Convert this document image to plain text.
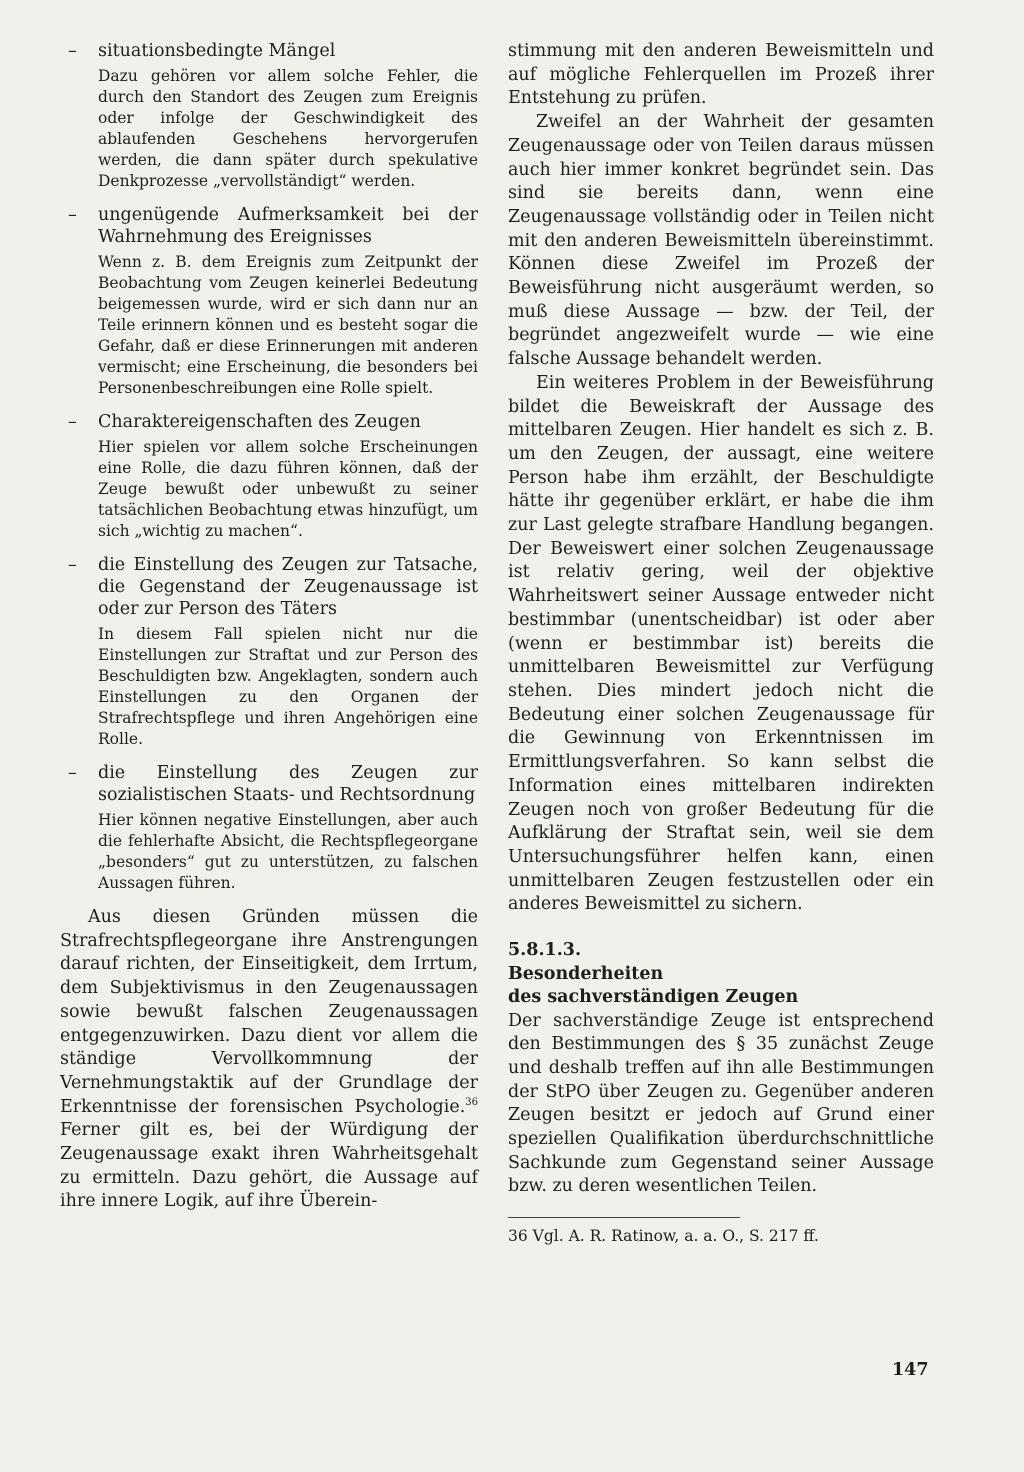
– situationsbedingte Mängel
Dazu gehören vor allem solche Fehler, die durch den Standort des Zeugen zum Ereignis oder infolge der Geschwindigkeit des ablaufenden Geschehens hervorgerufen werden, die dann später durch spekulative Denkprozesse „vervollständigt“ werden.
– ungenügende Aufmerksamkeit bei der Wahrnehmung des Ereignisses
Wenn z. B. dem Ereignis zum Zeitpunkt der Beobachtung vom Zeugen keinerlei Bedeutung beigemessen wurde, wird er sich dann nur an Teile erinnern können und es besteht sogar die Gefahr, daß er diese Erinnerungen mit anderen vermischt; eine Erscheinung, die besonders bei Personenbeschreibungen eine Rolle spielt.
– Charaktereigenschaften des Zeugen
Hier spielen vor allem solche Erscheinungen eine Rolle, die dazu führen können, daß der Zeuge bewußt oder unbewußt zu seiner tatsächlichen Beobachtung etwas hinzufügt, um sich „wichtig zu machen“.
– die Einstellung des Zeugen zur Tatsache, die Gegenstand der Zeugenaussage ist oder zur Person des Täters
In diesem Fall spielen nicht nur die Einstellungen zur Straftat und zur Person des Beschuldigten bzw. Angeklagten, sondern auch Einstellungen zu den Organen der Strafrechtspflege und ihren Angehörigen eine Rolle.
– die Einstellung des Zeugen zur sozialistischen Staats- und Rechtsordnung
Hier können negative Einstellungen, aber auch die fehlerhafte Absicht, die Rechtspflegeorgane „besonders“ gut zu unterstützen, zu falschen Aussagen führen.

Aus diesen Gründen müssen die Strafrechtspflegeorgane ihre Anstrengungen darauf richten, der Einseitigkeit, dem Irrtum, dem Subjektivismus in den Zeugenaussagen sowie bewußt falschen Zeugenaussagen entgegenzuwirken. Dazu dient vor allem die ständige Vervollkommnung der Vernehmungstaktik auf der Grundlage der Erkenntnisse der forensischen Psychologie.$^{36}$ Ferner gilt es, bei der Würdigung der Zeugenaussage exakt ihren Wahrheitsgehalt zu ermitteln. Dazu gehört, die Aussage auf ihre innere Logik, auf ihre Überein-

stimmung mit den anderen Beweismitteln und auf mögliche Fehlerquellen im Prozeß ihrer Entstehung zu prüfen.

Zweifel an der Wahrheit der gesamten Zeugenaussage oder von Teilen daraus müssen auch hier immer konkret begründet sein. Das sind sie bereits dann, wenn eine Zeugenaussage vollständig oder in Teilen nicht mit den anderen Beweismitteln übereinstimmt. Können diese Zweifel im Prozeß der Beweisführung nicht ausgeräumt werden, so muß diese Aussage — bzw. der Teil, der begründet angezweifelt wurde — wie eine falsche Aussage behandelt werden.

Ein weiteres Problem in der Beweisführung bildet die Beweiskraft der Aussage des mittelbaren Zeugen. Hier handelt es sich z. B. um den Zeugen, der aussagt, eine weitere Person habe ihm erzählt, der Beschuldigte hätte ihr gegenüber erklärt, er habe die ihm zur Last gelegte strafbare Handlung begangen. Der Beweiswert einer solchen Zeugenaussage ist relativ gering, weil der objektive Wahrheitswert seiner Aussage entweder nicht bestimmbar (unentscheidbar) ist oder aber (wenn er bestimmbar ist) bereits die unmittelbaren Beweismittel zur Verfügung stehen. Dies mindert jedoch nicht die Bedeutung einer solchen Zeugenaussage für die Gewinnung von Erkenntnissen im Ermittlungsverfahren. So kann selbst die Information eines mittelbaren indirekten Zeugen noch von großer Bedeutung für die Aufklärung der Straftat sein, weil sie dem Untersuchungsführer helfen kann, einen unmittelbaren Zeugen festzustellen oder ein anderes Beweismittel zu sichern.

5.8.1.3.
Besonderheiten
des sachverständigen Zeugen

Der sachverständige Zeuge ist entsprechend den Bestimmungen des § 35 zunächst Zeuge und deshalb treffen auf ihn alle Bestimmungen der StPO über Zeugen zu. Gegenüber anderen Zeugen besitzt er jedoch auf Grund einer speziellen Qualifikation überdurchschnittliche Sachkunde zum Gegenstand seiner Aussage bzw. zu deren wesentlichen Teilen.

36 Vgl. A. R. Ratinow, a. a. O., S. 217 ff.
147
